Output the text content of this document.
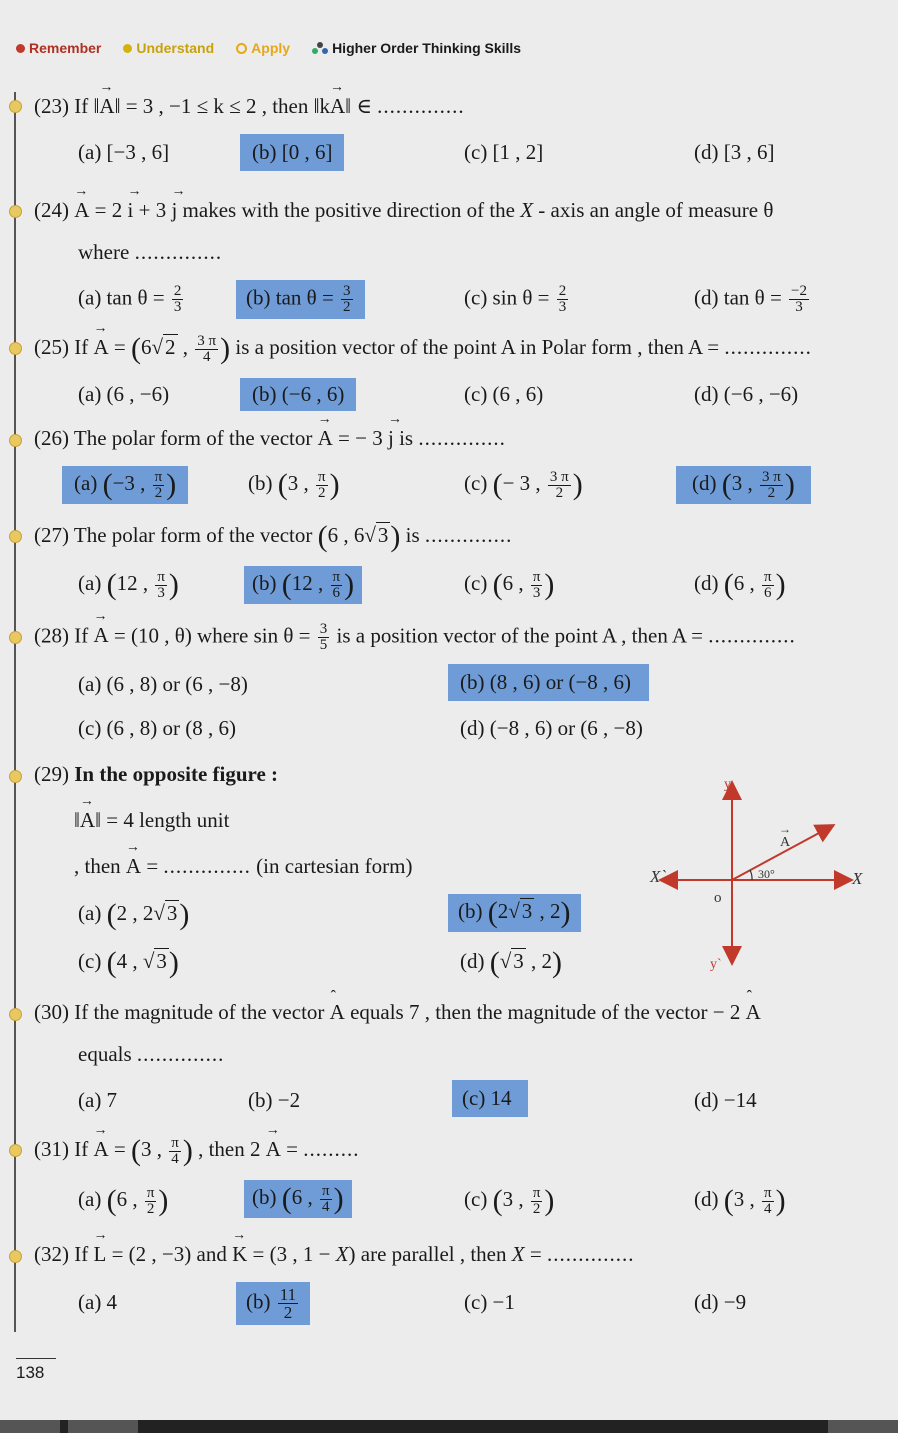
Remember	Understand	Apply	Higher Order Thinking Skills
(23) If ‖→ A‖ = 3 , −1 ≤ k ≤ 2 , then ‖k→ A‖ ∈ ..............
(a) [−3 , 6]	(b) [0 , 6]	(c) [1 , 2]	(d) [3 , 6]
(24) → A = 2 → i + 3 → j makes with the positive direction of the X - axis an angle of measure θ
where ..............
(a) $\tan \theta = \frac{2}{3}$	(b) $\tan \theta = \frac{3}{2}$	(c) $\sin \theta = \frac{2}{3}$	(d) $\tan \theta = \frac{-2}{3}$
(25) If → A = (6√2 , $\frac{3 \pi}{4}$ ) is a position vector of the point A in Polar form , then A = ..............
(a) (6 , −6)	(b) (−6 , 6)	(c) (6 , 6)	(d) (−6 , −6)
(26) The polar form of the vector → A = − 3 → j is ..............
(a) (−3 , $\frac{\pi}{2}$ )	(b) (3 , $\frac{\pi}{2}$ )	(c) (− 3 , $\frac{3 \pi}{2}$ )	(d) (3 , $\frac{3 \pi}{2}$ )
(27) The polar form of the vector (6 , 6√3) is ..............
(a) (12 , $\frac{\pi}{3}$ )	(b) (12 , $\frac{\pi}{6}$ )	(c) (6 , $\frac{\pi}{3}$ )	(d) (6 , $\frac{\pi}{6}$ )
(28) If → A = (10 , θ) where $\sin \theta = \frac{3}{5}$ is a position vector of the point A , then A = ..............
(a) (6 , 8) or (6 , −8)	(b) (8 , 6) or (−8 , 6)
(c) (6 , 8) or (8 , 6)	(d) (−8 , 6) or (6 , −8)
(29) In the opposite figure :
‖→ A‖ = 4 length unit
, then → A = .............. (in cartesian form)
(a) (2 , 2√3)	(b) (2√3 , 2)
(c) (4 , √3)	(d) (√3 , 2)
y
y`
X
X`
o
A
→
30°
(30) If the magnitude of the vector ˆ A equals 7 , then the magnitude of the vector − 2 ˆ A
equals ..............
(a) 7	(b) −2	(c) 14	(d) −14
(31) If → A = (3 , $\frac{\pi}{4}$ ) , then 2 → A = .........
(a) (6 , $\frac{\pi}{2}$ )	(b) (6 , $\frac{\pi}{4}$ )	(c) (3 , $\frac{\pi}{2}$ )	(d) (3 , $\frac{\pi}{4}$ )
(32) If → L = (2 , −3) and → K = (3 , 1 − X) are parallel , then X = ..............
(a) 4	$(b) \frac{11}{2}$	(c) −1	(d) −9
138
